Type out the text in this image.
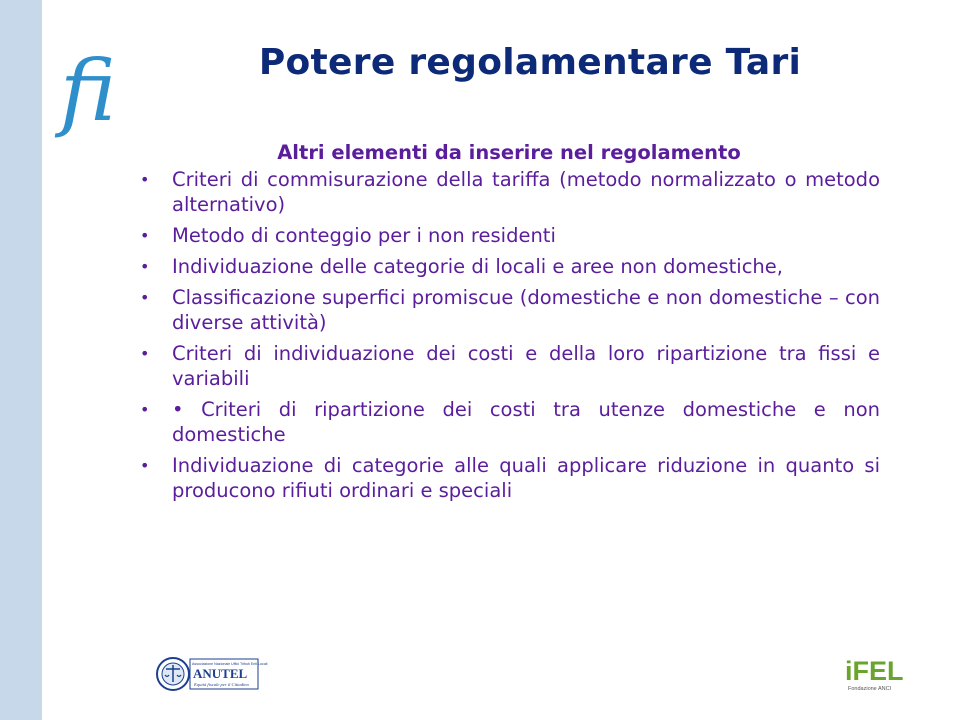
fi	Potere regolamentare Tari
Altri elementi da inserire nel regolamento
• Criteri di commisurazione della tariffa (metodo normalizzato o metodo alternativo)
• Metodo di conteggio per i non residenti
• Individuazione delle categorie di locali e aree non domestiche,
• Classificazione superfici promiscue (domestiche e non domestiche – con diverse attività)
• Criteri di individuazione dei costi e della loro ripartizione tra fissi e variabili
• • Criteri di ripartizione dei costi tra utenze domestiche e non domestiche
• Individuazione di categorie alle quali applicare riduzione in quanto si producono rifiuti ordinari e speciali
Associazione Nazionale Uffici Tributi Enti Locali
ANUTEL
Equità fiscale per il Cittadino	iFEL
Fondazione ANCI
